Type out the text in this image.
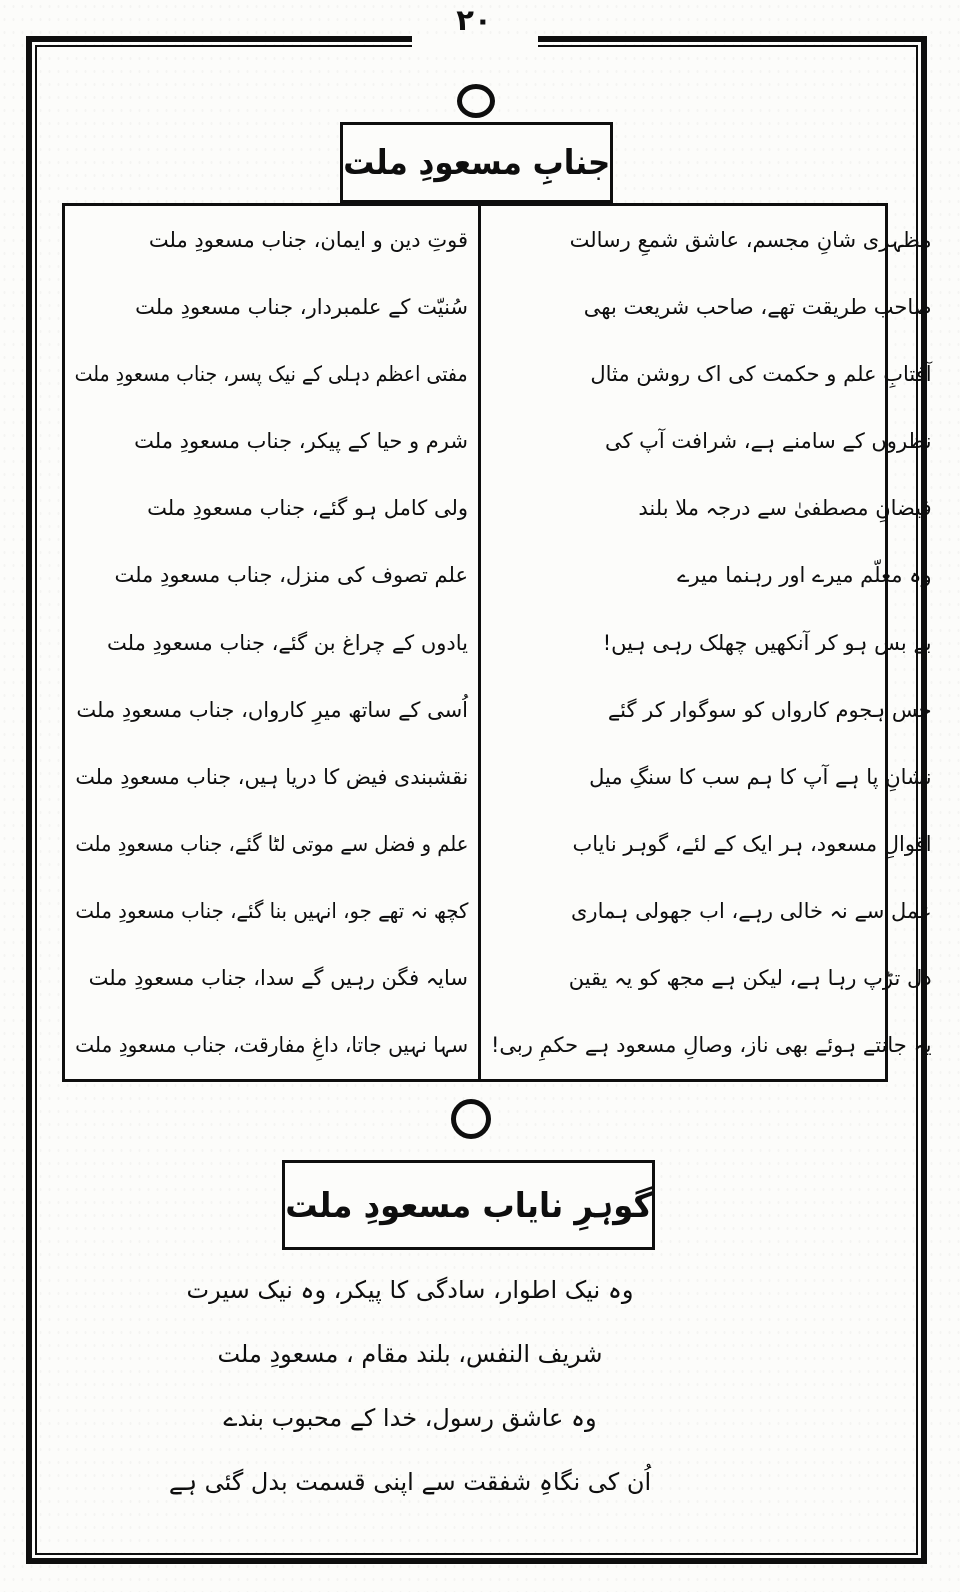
۲۰
جنابِ مسعودِ ملت
قوتِ دین و ایمان، جناب مسعودِ ملت
سُنیّت کے علمبردار، جناب مسعودِ ملت
مفتی اعظم دہلی کے نیک پسر، جناب مسعودِ ملت
شرم و حیا کے پیکر، جناب مسعودِ ملت
ولی کامل ہو گئے، جناب مسعودِ ملت
علم تصوف کی منزل، جناب مسعودِ ملت
یادوں کے چراغ بن گئے، جناب مسعودِ ملت
اُسی کے ساتھ میرِ کارواں، جناب مسعودِ ملت
نقشبندی فیض کا دریا ہیں، جناب مسعودِ ملت
علم و فضل سے موتی لٹا گئے، جناب مسعودِ ملت
کچھ نہ تھے جو، انہیں بنا گئے، جناب مسعودِ ملت
سایہ فگن رہیں گے سدا، جناب مسعودِ ملت
سہا نہیں جاتا، داغِ مفارقت، جناب مسعودِ ملت
مظہری شانِ مجسم، عاشق شمعِ رسالت
صاحب طریقت تھے، صاحب شریعت بھی
آفتابِ علم و حکمت کی اک روشن مثال
نظروں کے سامنے ہے، شرافت آپ کی
فیضانِ مصطفیٰ سے درجہ ملا بلند
وہ معلّم میرے اور رہنما میرے
بے بس ہو کر آنکھیں چھلک رہی ہیں!
جس ہجوم کارواں کو سوگوار کر گئے
نشانِ پا ہے آپ کا ہم سب کا سنگِ میل
اقوالِ مسعود، ہر ایک کے لئے، گوہر نایاب
عمل سے نہ خالی رہے، اب جھولی ہماری
دل تڑپ رہا ہے، لیکن ہے مجھ کو یہ یقین
یہ جانتے ہوئے بھی ناز، وصالِ مسعود ہے حکمِ ربی!
گوہرِ نایاب مسعودِ ملت
وہ نیک اطوار، سادگی کا پیکر، وہ نیک سیرت
شریف النفس، بلند مقام ، مسعودِ ملت
وہ عاشق رسول، خدا کے محبوب بندے
اُن کی نگاہِ شفقت سے اپنی قسمت بدل گئی ہے
